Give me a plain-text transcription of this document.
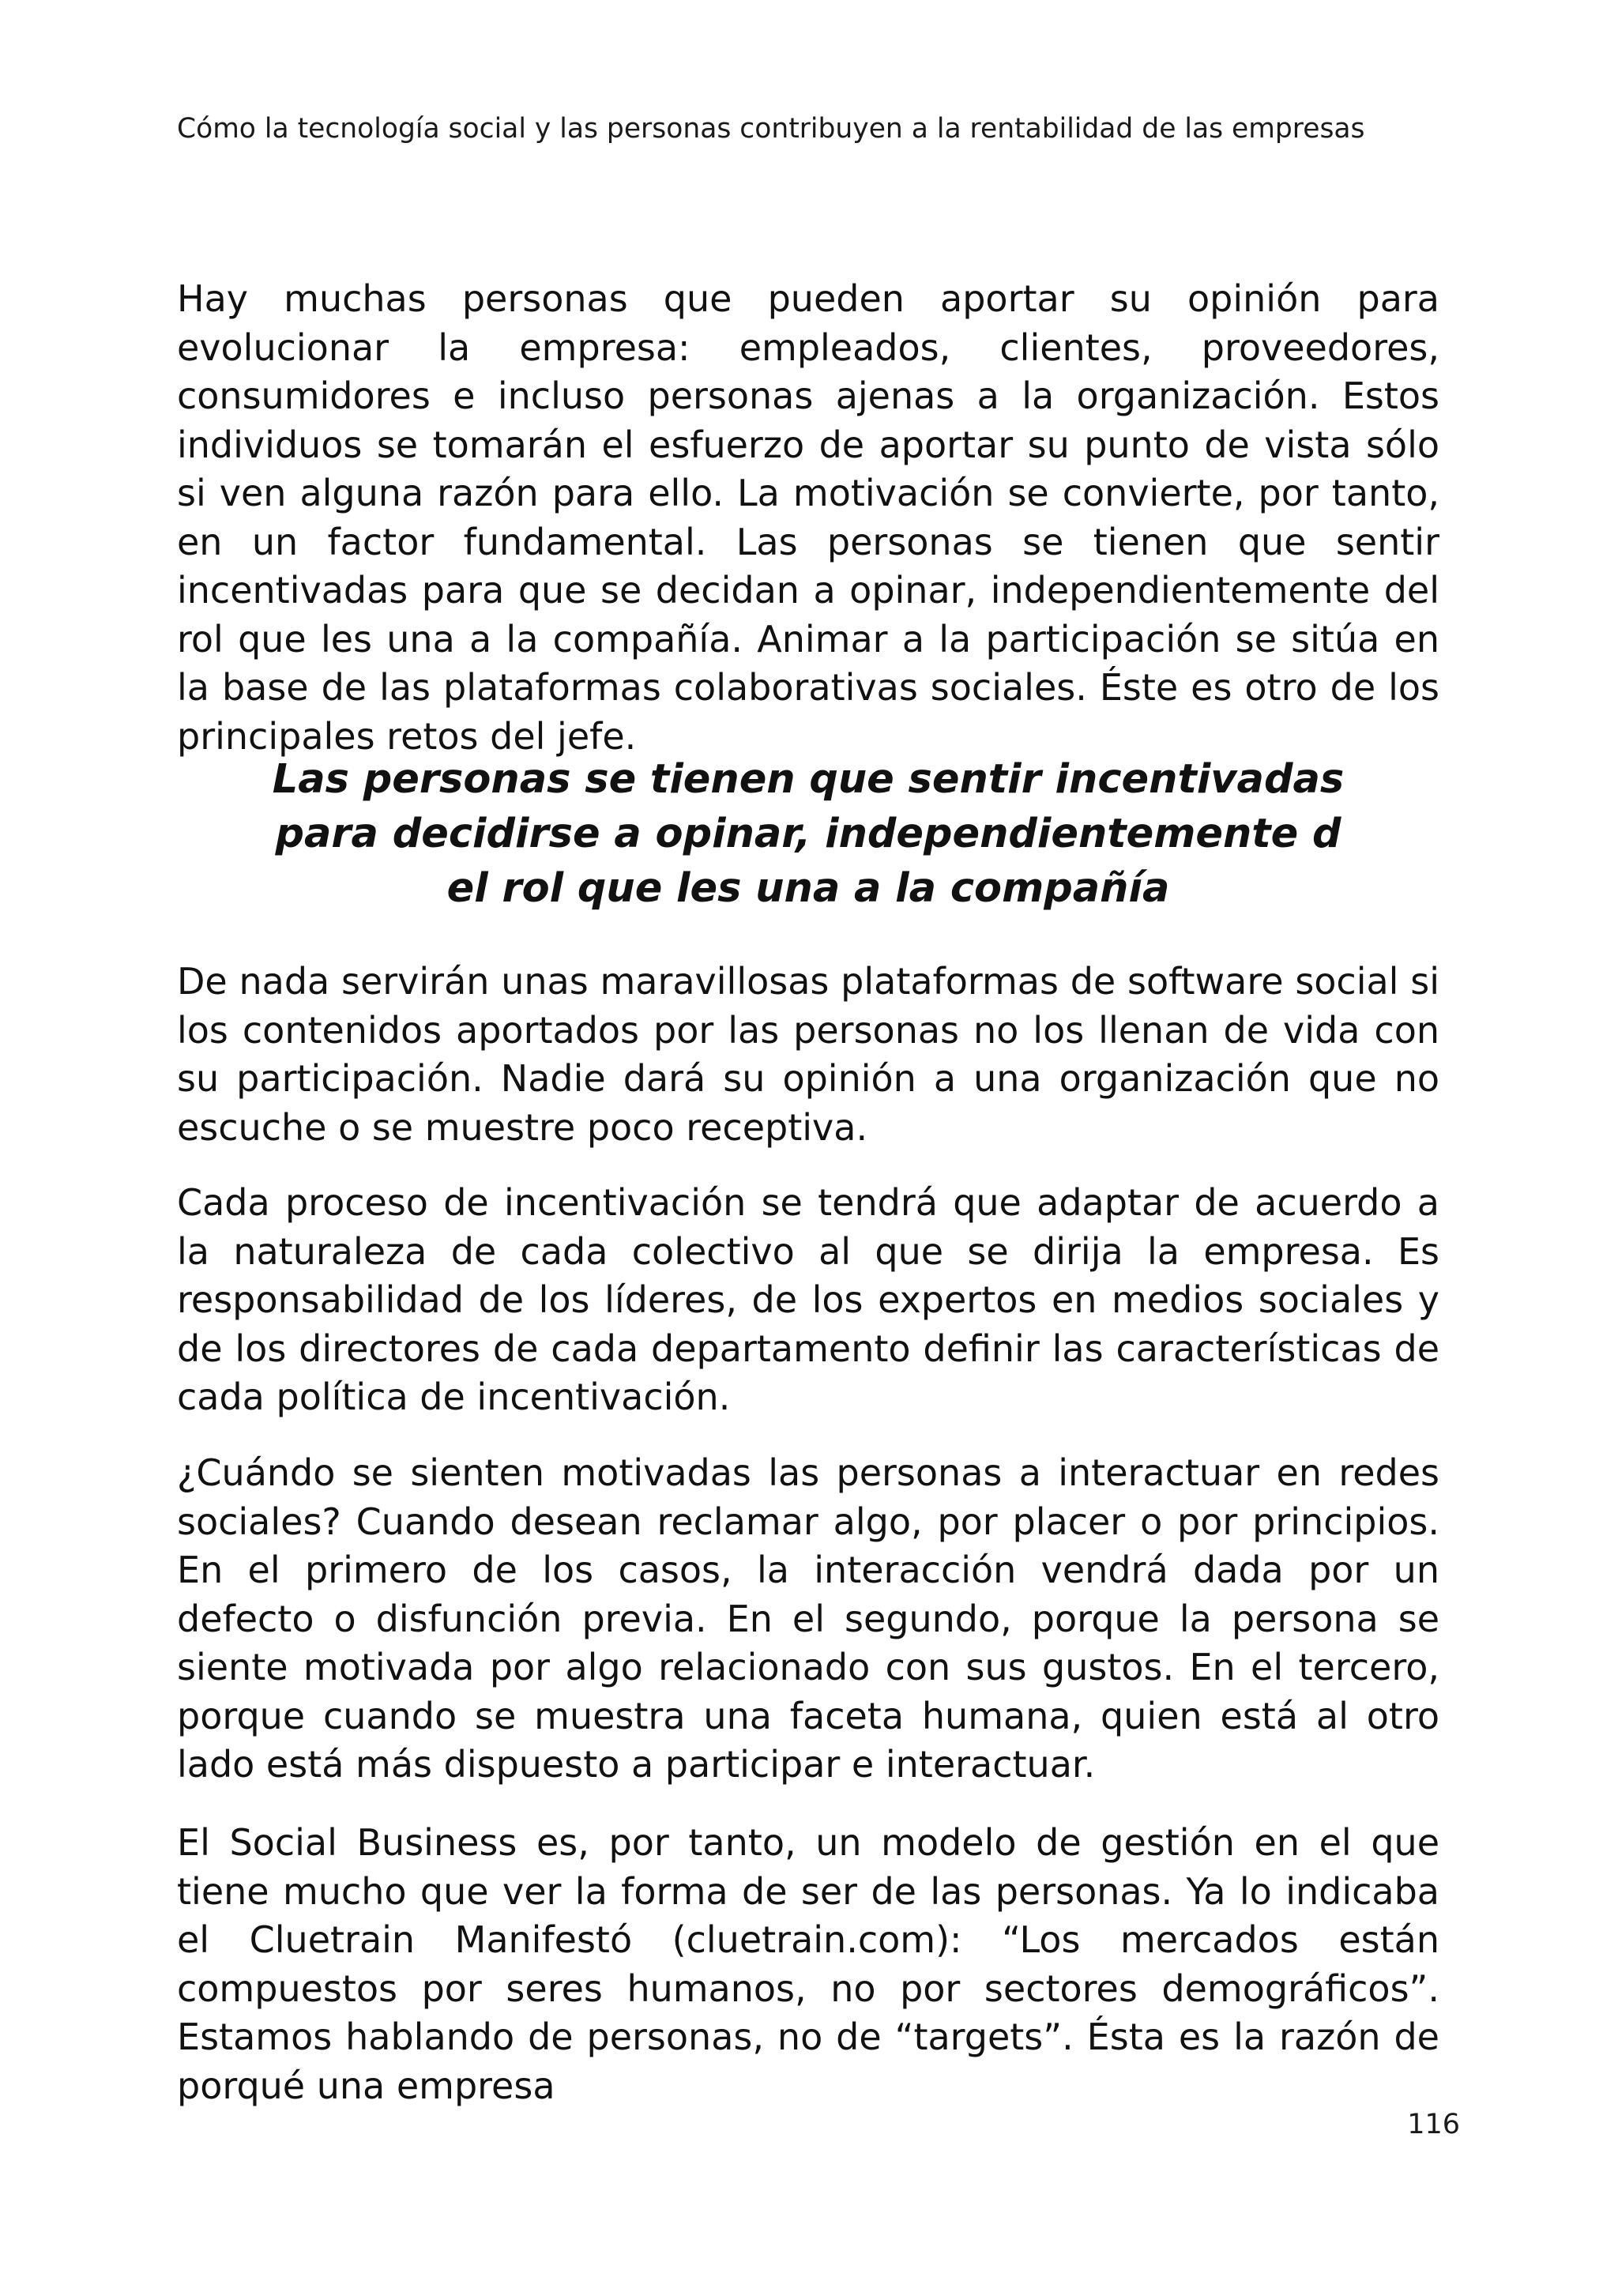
Cómo la tecnología social y las personas contribuyen a la rentabilidad de las empresas

Hay muchas personas que pueden aportar su opinión para evolucionar la empresa: empleados, clientes, proveedores, consumidores e incluso personas ajenas a la organización. Estos individuos se tomarán el esfuerzo de aportar su punto de vista sólo si ven alguna razón para ello. La motivación se convierte, por tanto, en un factor fundamental. Las personas se tienen que sentir incentivadas para que se decidan a opinar, independientemente del rol que les una a la compañía. Animar a la participación se sitúa en la base de las plataformas colaborativas sociales. Éste es otro de los principales retos del jefe.

Las personas se tienen que sentir incentivadas
para decidirse a opinar, independientemente d
el rol que les una a la compañía

De nada servirán unas maravillosas plataformas de software social si los contenidos aportados por las personas no los llenan de vida con su participación. Nadie dará su opinión a una organización que no escuche o se muestre poco receptiva.

Cada proceso de incentivación se tendrá que adaptar de acuerdo a la naturaleza de cada colectivo al que se dirija la empresa. Es responsabilidad de los líderes, de los expertos en medios sociales y de los directores de cada departamento definir las características de cada política de incentivación.

¿Cuándo se sienten motivadas las personas a interactuar en redes sociales? Cuando desean reclamar algo, por placer o por principios. En el primero de los casos, la interacción vendrá dada por un defecto o disfunción previa. En el segundo, porque la persona se siente motivada por algo relacionado con sus gustos. En el tercero, porque cuando se muestra una faceta humana, quien está al otro lado está más dispuesto a participar e interactuar.

El Social Business es, por tanto, un modelo de gestión en el que tiene mucho que ver la forma de ser de las personas. Ya lo indicaba el Cluetrain Manifestó (cluetrain.com): “Los mercados están compuestos por seres humanos, no por sectores demográficos”. Estamos hablando de personas, no de “targets”. Ésta es la razón de porqué una empresa

116
